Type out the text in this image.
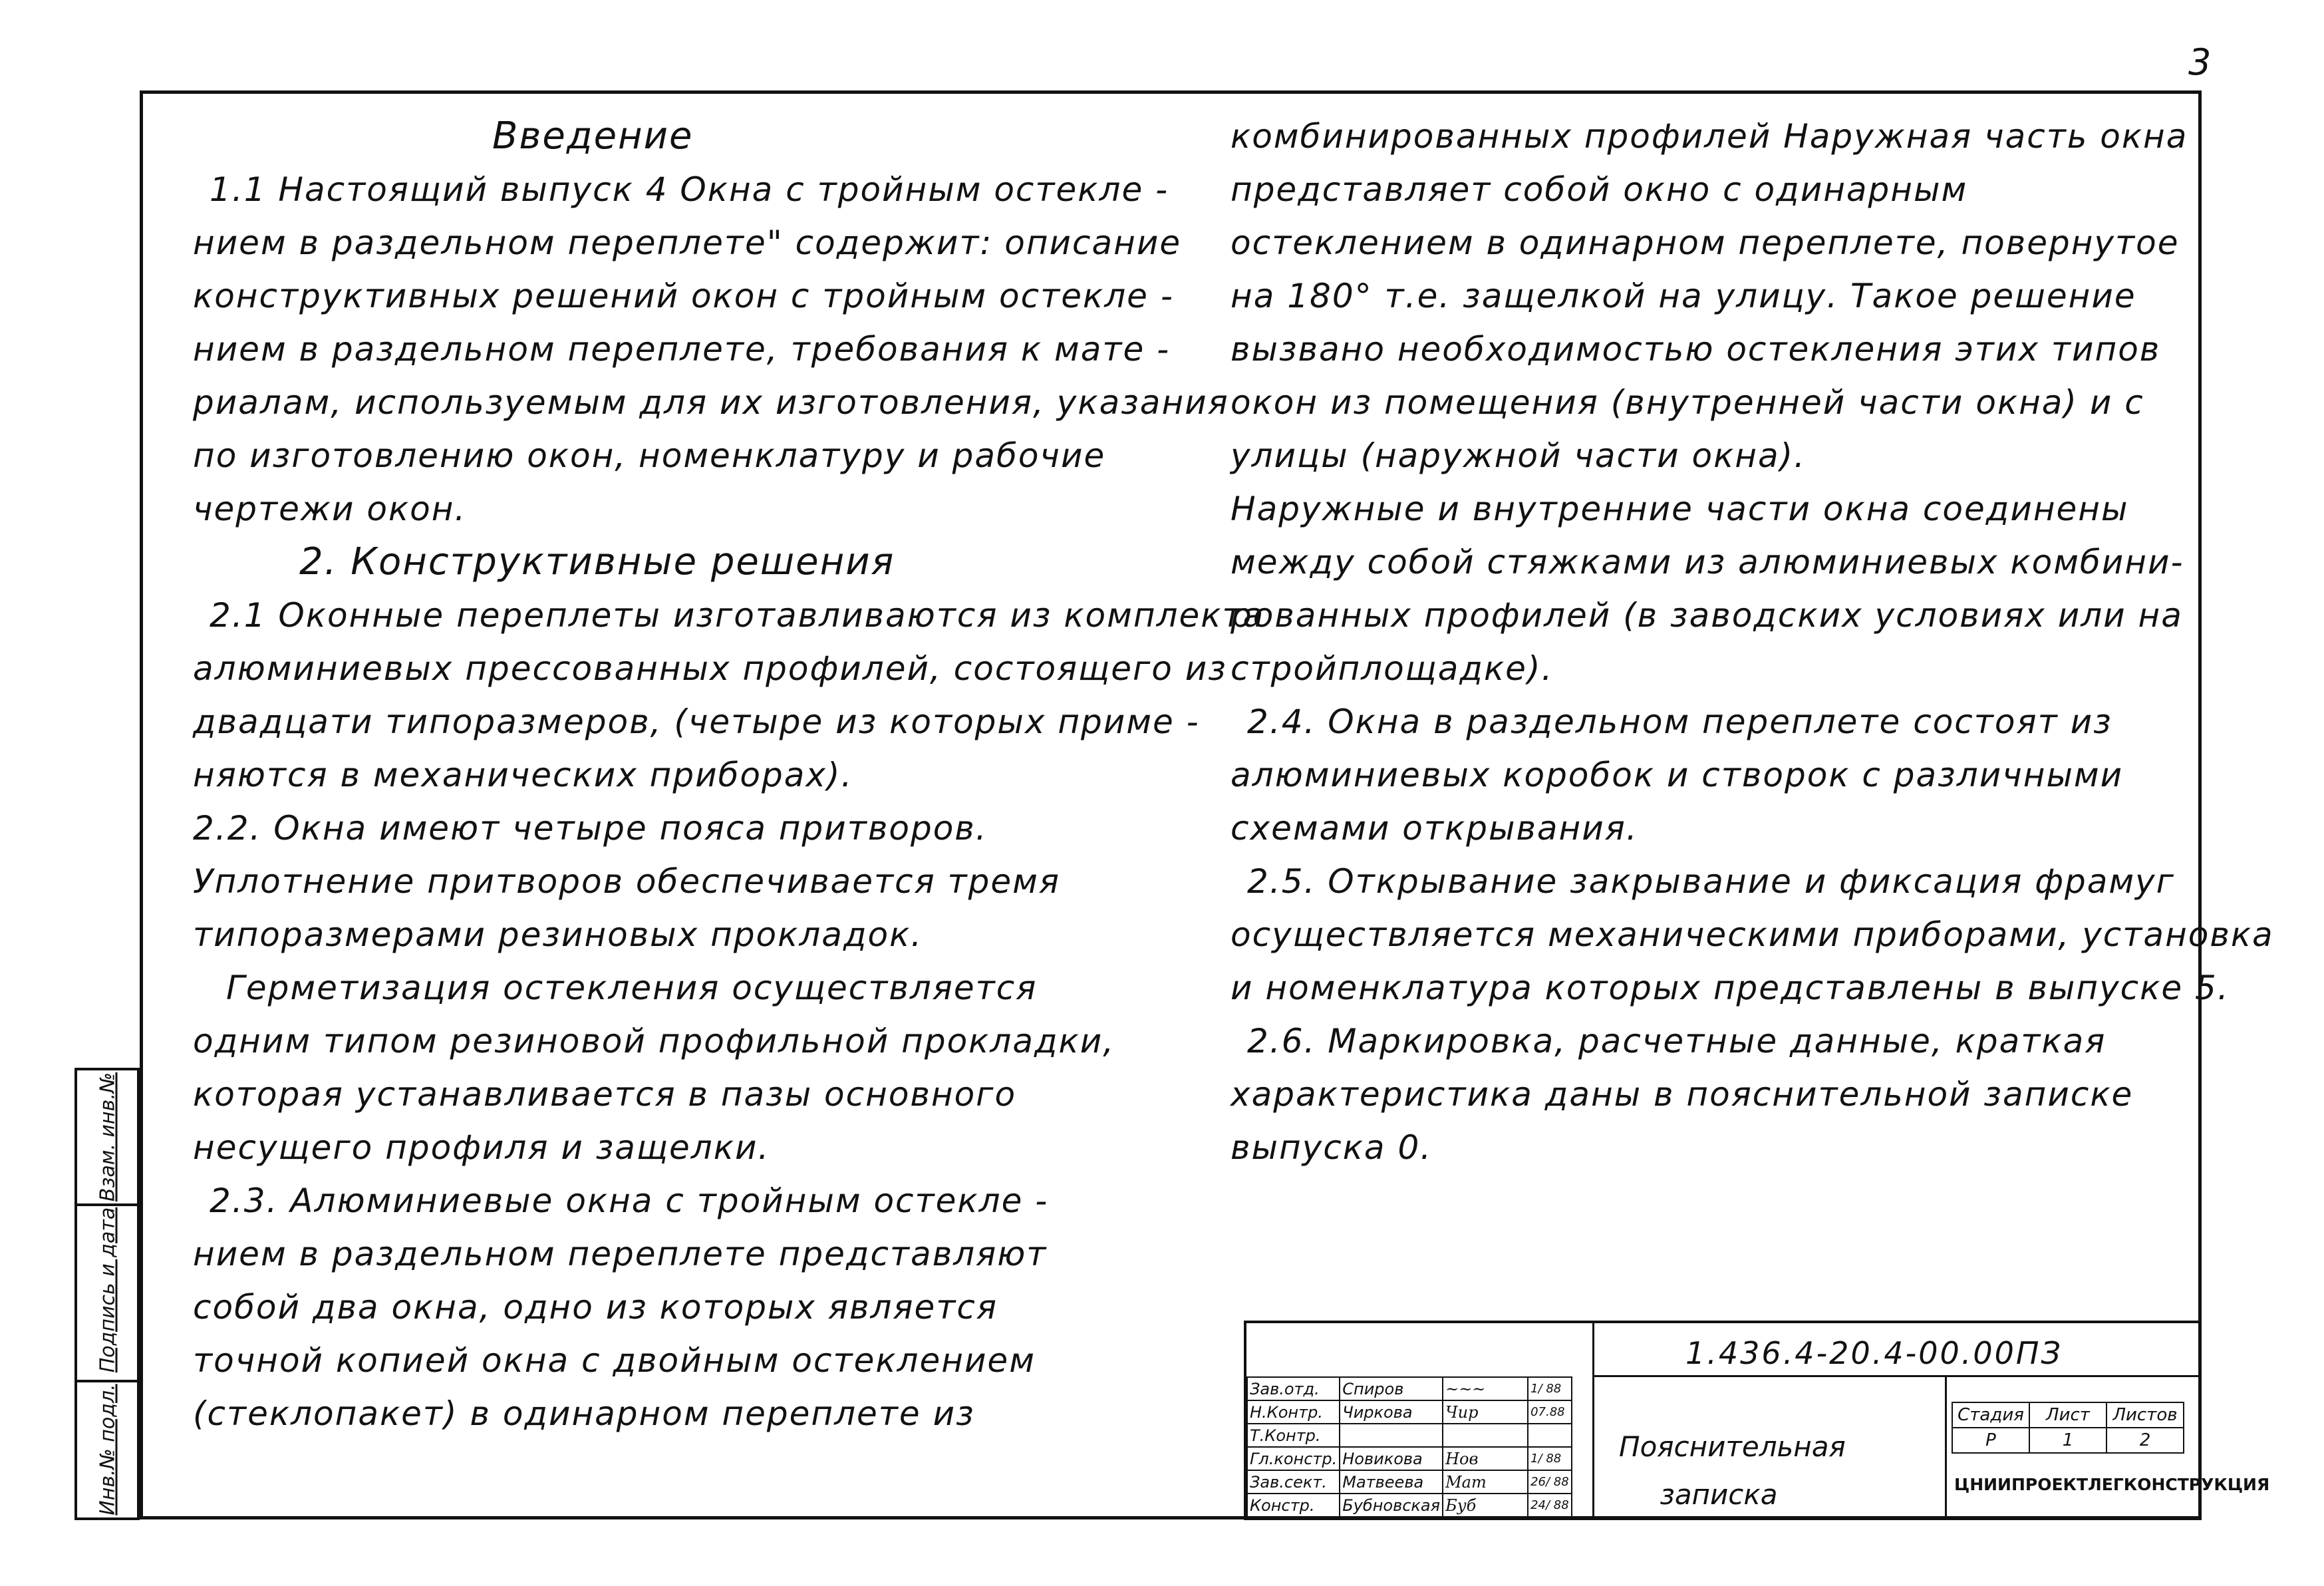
3
Введение
1.1 Настоящий выпуск 4 Окна с тройным остекле -
нием в раздельном переплете" содержит: описание
конструктивных решений окон с тройным остекле -
нием в раздельном переплете, требования к мате -
риалам, используемым для их изготовления, указания
по изготовлению окон, номенклатуру и рабочие
чертежи окон.
2. Конструктивные решения
2.1 Оконные переплеты изготавливаются из комплекта
алюминиевых прессованных профилей, состоящего из
двадцати типоразмеров, (четыре из которых приме -
няются в механических приборах).
2.2. Окна имеют четыре пояса притворов.
Уплотнение притворов обеспечивается тремя
типоразмерами резиновых прокладок.
Герметизация остекления осуществляется
одним типом резиновой профильной прокладки,
которая устанавливается в пазы основного
несущего профиля и защелки.
2.3. Алюминиевые окна с тройным остекле -
нием в раздельном переплете представляют
собой два окна, одно из которых является
точной копией окна с двойным остеклением
(стеклопакет) в одинарном переплете из
комбинированных профилей Наружная часть окна
представляет собой окно с одинарным
остеклением в одинарном переплете, повернутое
на 180° т.е. защелкой на улицу. Такое решение
вызвано необходимостью остекления этих типов
окон из помещения (внутренней части окна) и с
улицы (наружной части окна).
Наружные и внутренние части окна соединены
между собой стяжками из алюминиевых комбини-
рованных профилей (в заводских условиях или на
стройплощадке).
2.4. Окна в раздельном переплете состоят из
алюминиевых коробок и створок с различными
схемами открывания.
2.5. Открывание закрывание и фиксация фрамуг
осуществляется механическими приборами, установка
и номенклатура которых представлены в выпуске 5.
2.6. Маркировка, расчетные данные, краткая
характеристика даны в пояснительной записке
выпуска 0.
Инв.№ подл.
Подпись и дата
Взам. инв.№
1.436.4-20.4-00.00ПЗ
Пояснительная записка
Зав.отд.	Спиров	~~~	1/ 88
Н.Контр.	Чиркова	Чир	07.88
Т.Контр.			
Гл.констр.	Новикова	Нов	1/ 88
Зав.сект.	Матвеева	Мат	26/ 88
Констр.	Бубновская	Буб	24/ 88
Стадия	Лист	Листов
Р	1	2
ЦНИИПРОЕКТЛЕГКОНСТРУКЦИЯ
